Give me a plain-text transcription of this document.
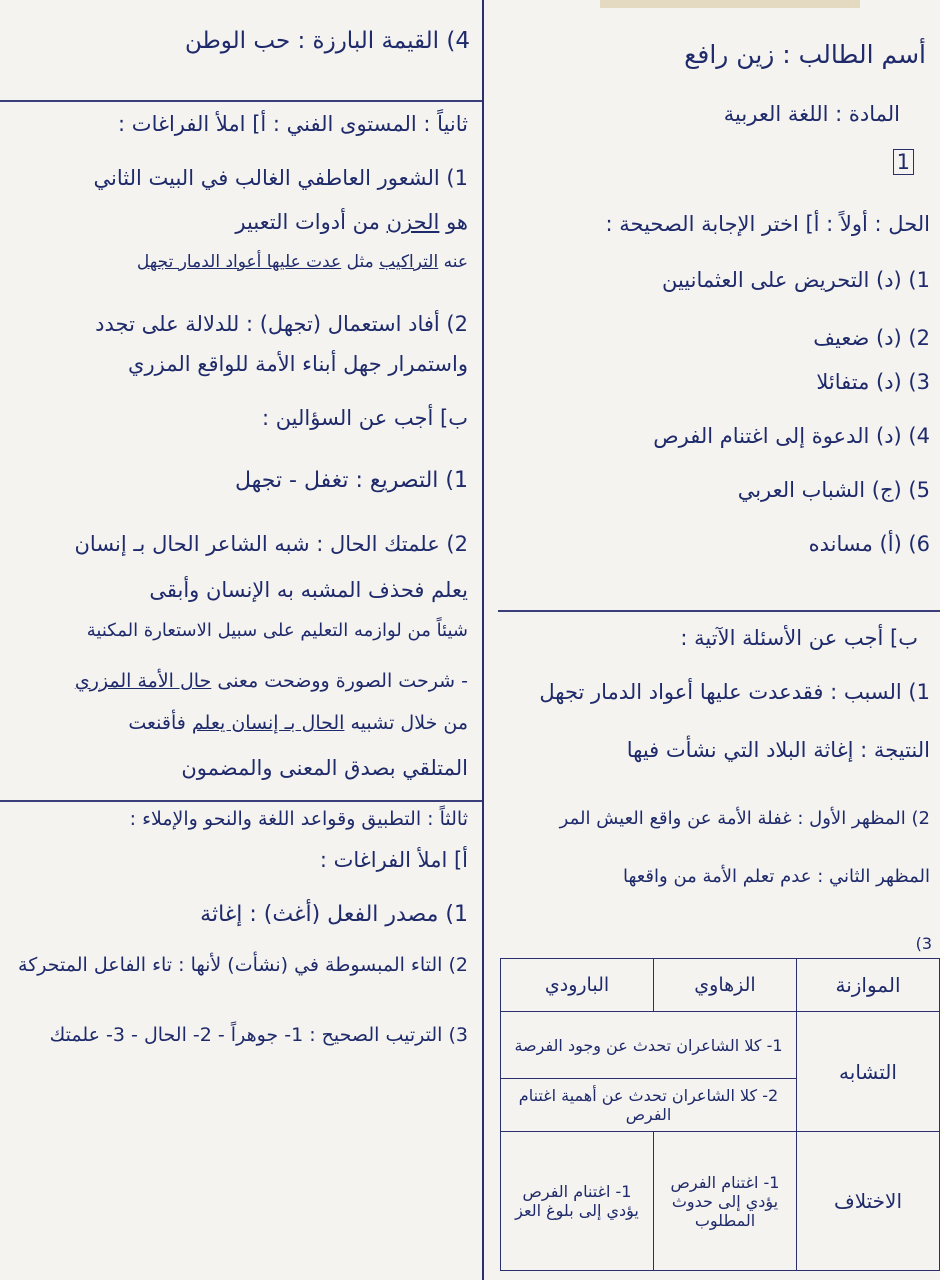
أسم الطالب : زين رافع
المادة : اللغة العربية
1
الحل : أولاً : أ] اختر الإجابة الصحيحة :
1) (د) التحريض على العثمانيين
2) (د) ضعيف
3) (د) متفائلا
4) (د) الدعوة إلى اغتنام الفرص
5) (ج) الشباب العربي
6) (أ) مسانده
ب] أجب عن الأسئلة الآتية :
1) السبب : فقدعدت عليها أعواد الدمار تجهل
النتيجة : إغاثة البلاد التي نشأت فيها
2) المظهر الأول : غفلة الأمة عن واقع العيش المر
المظهر الثاني : عدم تعلم الأمة من واقعها
3)
الموازنة	الزهاوي	البارودي
التشابه	1- كلا الشاعران تحدث عن وجود الفرصة	
	2- كلا الشاعران تحدث عن أهمية اغتنام الفرص	
الاختلاف	1- اغتنام الفرص يؤدي إلى حدوث المطلوب	1- اغتنام الفرص يؤدي إلى بلوغ العز
4) القيمة البارزة : حب الوطن
ثانياً : المستوى الفني : أ] املأ الفراغات :
1) الشعور العاطفي الغالب في البيت الثاني
هو الحزن من أدوات التعبير
عنه التراكيب مثل عدت عليها أعواد الدمار تجهل
2) أفاد استعمال (تجهل) : للدلالة على تجدد
واستمرار جهل أبناء الأمة للواقع المزري
ب] أجب عن السؤالين :
1) التصريع : تغفل - تجهل
2) علمتك الحال : شبه الشاعر الحال بـ إنسان
يعلم فحذف المشبه به الإنسان وأبقى
شيئاً من لوازمه التعليم على سبيل الاستعارة المكنية
- شرحت الصورة ووضحت معنى حال الأمة المزري
من خلال تشبيه الحال بـ إنسان يعلم فأقنعت
المتلقي بصدق المعنى والمضمون
ثالثاً : التطبيق وقواعد اللغة والنحو والإملاء :
أ] املأ الفراغات :
1) مصدر الفعل (أغث) : إغاثة
2) التاء المبسوطة في (نشأت) لأنها : تاء الفاعل المتحركة
3) الترتيب الصحيح : 1- جوهراً - 2- الحال - 3- علمتك
